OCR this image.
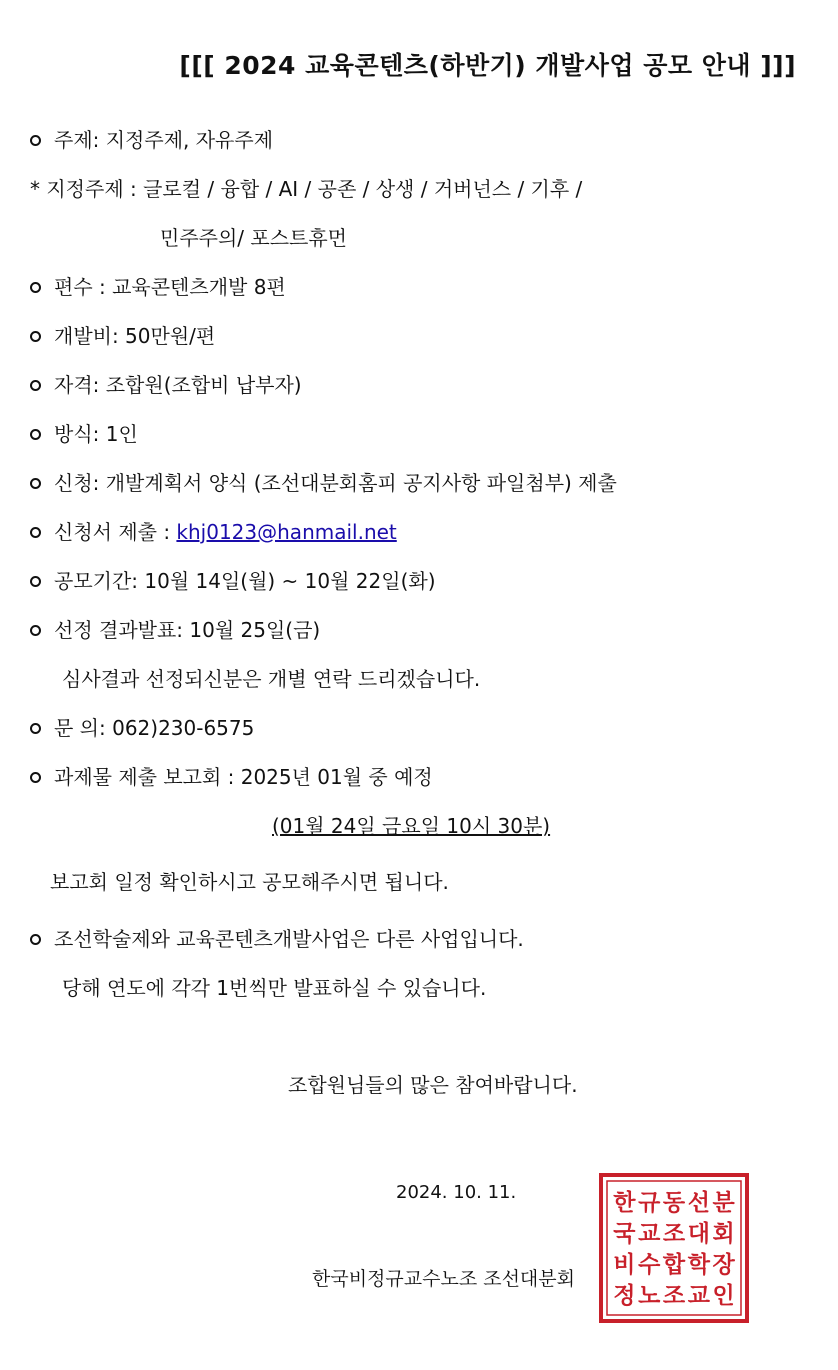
[[[ 2024 교육콘텐츠(하반기) 개발사업 공모 안내 ]]]
주제: 지정주제, 자유주제
* 지정주제 : 글로컬 / 융합 / AI / 공존 / 상생 / 거버넌스 / 기후 /
민주주의/ 포스트휴먼
편수 : 교육콘텐츠개발 8편
개발비: 50만원/편
자격: 조합원(조합비 납부자)
방식: 1인
신청: 개발계획서 양식 (조선대분회홈피 공지사항 파일첨부) 제출
신청서 제출 : khj0123@hanmail.net
공모기간: 10월 14일(월) ~ 10월 22일(화)
선정 결과발표: 10월 25일(금)
심사결과 선정되신분은 개별 연락 드리겠습니다.
문 의: 062)230-6575
과제물 제출 보고회 : 2025년 01월 중 예정
(01월 24일 금요일 10시 30분)
보고회 일정 확인하시고 공모해주시면 됩니다.
조선학술제와 교육콘텐츠개발사업은 다른 사업입니다.
당해 연도에 각각 1번씩만 발표하실 수 있습니다.
조합원님들의 많은 참여바랍니다.
2024. 10. 11.
한국비정규교수노조 조선대분회
한
국
비
정
규
교
수
노
동
조
합
조
선
대
학
교
분
회
장
인
